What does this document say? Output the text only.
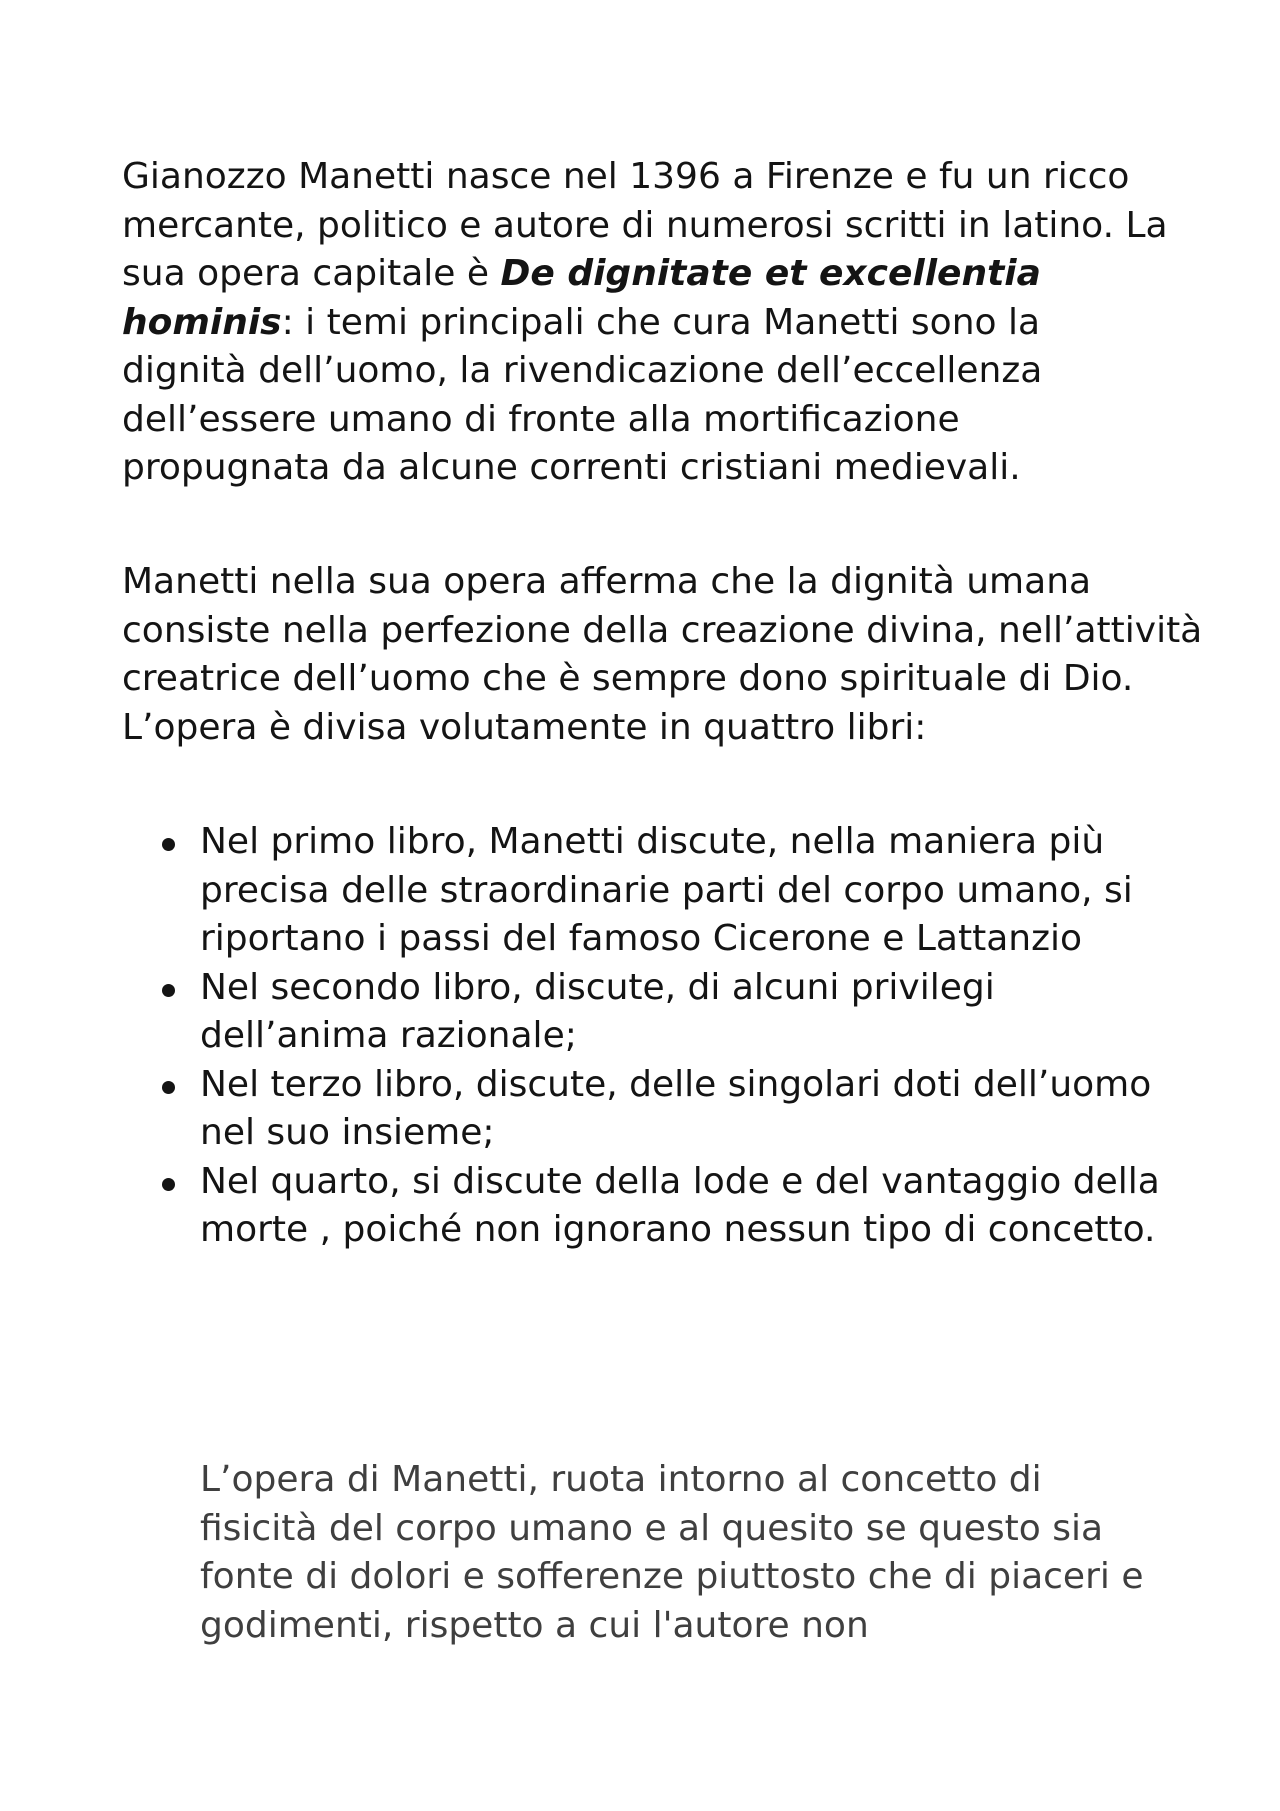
Gianozzo Manetti nasce nel 1396 a Firenze e fu un ricco mercante, politico e autore di numerosi scritti in latino. La sua opera capitale è De dignitate et excellentia hominis: i temi principali che cura Manetti sono la dignità dell’uomo, la rivendicazione dell’eccellenza dell’essere umano di fronte alla mortificazione propugnata da alcune correnti cristiani medievali.

Manetti nella sua opera afferma che la dignità umana consiste nella perfezione della creazione divina, nell’attività creatrice dell’uomo che è sempre dono spirituale di Dio. L’opera è divisa volutamente in quattro libri:

Nel primo libro, Manetti discute, nella maniera più precisa delle straordinarie parti del corpo umano, si riportano i passi del famoso Cicerone e Lattanzio
Nel secondo libro, discute, di alcuni privilegi dell’anima razionale;
Nel terzo libro, discute, delle singolari doti dell’uomo nel suo insieme;
Nel quarto, si discute della lode e del vantaggio della morte , poiché non ignorano nessun tipo di concetto.

L’opera di Manetti, ruota intorno al concetto di fisicità del corpo umano e al quesito se questo sia fonte di dolori e sofferenze piuttosto che di piaceri e godimenti, rispetto a cui l'autore non
